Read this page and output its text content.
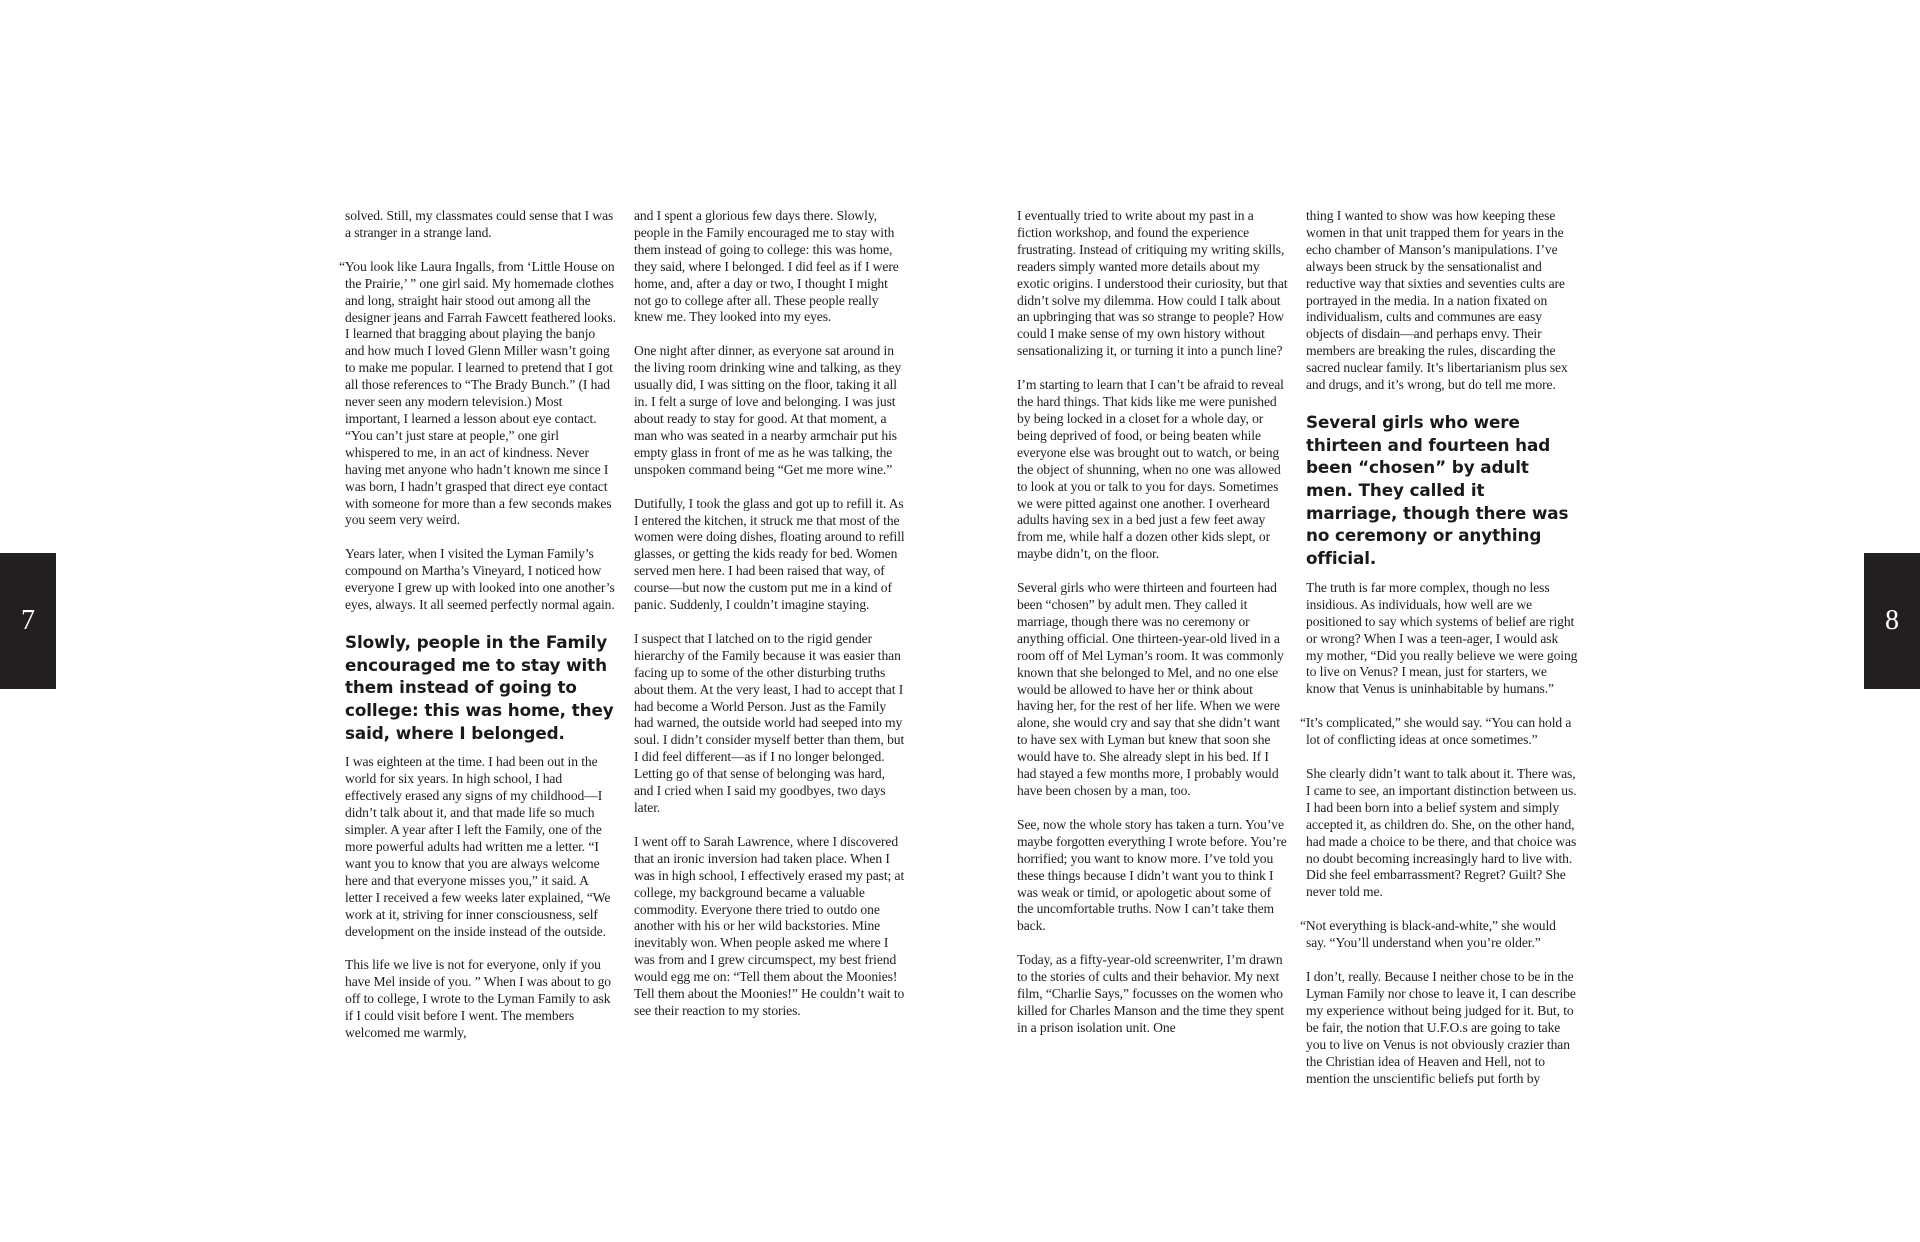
7

solved. Still, my classmates could sense that I was a stranger in a strange land.

“You look like Laura Ingalls, from ‘Little House on the Prairie,’ ” one girl said. My homemade clothes and long, straight hair stood out among all the designer jeans and Farrah Fawcett feathered looks. I learned that bragging about playing the banjo and how much I loved Glenn Miller wasn’t going to make me popular. I learned to pretend that I got all those references to “The Brady Bunch.” (I had never seen any modern television.) Most important, I learned a lesson about eye contact. “You can’t just stare at people,” one girl whispered to me, in an act of kindness. Never having met anyone who hadn’t known me since I was born, I hadn’t grasped that direct eye contact with someone for more than a few seconds makes you seem very weird.

Years later, when I visited the Lyman Family’s compound on Martha’s Vineyard, I noticed how everyone I grew up with looked into one another’s eyes, always. It all seemed perfectly normal again.

Slowly, people in the Family encouraged me to stay with them instead of going to college: this was home, they said, where I belonged.

I was eighteen at the time. I had been out in the world for six years. In high school, I had effectively erased any signs of my childhood—I didn’t talk about it, and that made life so much simpler. A year after I left the Family, one of the more powerful adults had written me a letter. “I want you to know that you are always welcome here and that everyone misses you,” it said. A letter I received a few weeks later explained, “We work at it, striving for inner consciousness, self development on the inside instead of the outside.

This life we live is not for everyone, only if you have Mel inside of you. ” When I was about to go off to college, I wrote to the Lyman Family to ask if I could visit before I went. The members welcomed me warmly,

and I spent a glorious few days there. Slowly, people in the Family encouraged me to stay with them instead of going to college: this was home, they said, where I belonged. I did feel as if I were home, and, after a day or two, I thought I might not go to college after all. These people really knew me. They looked into my eyes.

One night after dinner, as everyone sat around in the living room drinking wine and talking, as they usually did, I was sitting on the floor, taking it all in. I felt a surge of love and belonging. I was just about ready to stay for good. At that moment, a man who was seated in a nearby armchair put his empty glass in front of me as he was talking, the unspoken command being “Get me more wine.”

Dutifully, I took the glass and got up to refill it. As I entered the kitchen, it struck me that most of the women were doing dishes, floating around to refill glasses, or getting the kids ready for bed. Women served men here. I had been raised that way, of course—but now the custom put me in a kind of panic. Suddenly, I couldn’t imagine staying.

I suspect that I latched on to the rigid gender hierarchy of the Family because it was easier than facing up to some of the other disturbing truths about them. At the very least, I had to accept that I had become a World Person. Just as the Family had warned, the outside world had seeped into my soul. I didn’t consider myself better than them, but I did feel different—as if I no longer belonged. Letting go of that sense of belonging was hard, and I cried when I said my goodbyes, two days later.

I went off to Sarah Lawrence, where I discovered that an ironic inversion had taken place. When I was in high school, I effectively erased my past; at college, my background became a valuable commodity. Everyone there tried to outdo one another with his or her wild backstories. Mine inevitably won. When people asked me where I was from and I grew circumspect, my best friend would egg me on: “Tell them about the Moonies! Tell them about the Moonies!” He couldn’t wait to see their reaction to my stories.

I eventually tried to write about my past in a fiction workshop, and found the experience frustrating. Instead of critiquing my writing skills, readers simply wanted more details about my exotic origins. I understood their curiosity, but that didn’t solve my dilemma. How could I talk about an upbringing that was so strange to people? How could I make sense of my own history without sensationalizing it, or turning it into a punch line?

I’m starting to learn that I can’t be afraid to reveal the hard things. That kids like me were punished by being locked in a closet for a whole day, or being deprived of food, or being beaten while everyone else was brought out to watch, or being the object of shunning, when no one was allowed to look at you or talk to you for days. Sometimes we were pitted against one another. I overheard adults having sex in a bed just a few feet away from me, while half a dozen other kids slept, or maybe didn’t, on the floor.

Several girls who were thirteen and fourteen had been “chosen” by adult men. They called it marriage, though there was no ceremony or anything official. One thirteen-year-old lived in a room off of Mel Lyman’s room. It was commonly known that she belonged to Mel, and no one else would be allowed to have her or think about having her, for the rest of her life. When we were alone, she would cry and say that she didn’t want to have sex with Lyman but knew that soon she would have to. She already slept in his bed. If I had stayed a few months more, I probably would have been chosen by a man, too.

See, now the whole story has taken a turn. You’ve maybe forgotten everything I wrote before. You’re horrified; you want to know more. I’ve told you these things because I didn’t want you to think I was weak or timid, or apologetic about some of the uncomfortable truths. Now I can’t take them back.

Today, as a fifty-year-old screenwriter, I’m drawn to the stories of cults and their behavior. My next film, “Charlie Says,” focusses on the women who killed for Charles Manson and the time they spent in a prison isolation unit. One

thing I wanted to show was how keeping these women in that unit trapped them for years in the echo chamber of Manson’s manipulations. I’ve always been struck by the sensationalist and reductive way that sixties and seventies cults are portrayed in the media. In a nation fixated on individualism, cults and communes are easy objects of disdain—and perhaps envy. Their members are breaking the rules, discarding the sacred nuclear family. It’s libertarianism plus sex and drugs, and it’s wrong, but do tell me more.

Several girls who were thirteen and fourteen had been “chosen” by adult men. They called it marriage, though there was no ceremony or anything official.

The truth is far more complex, though no less insidious. As individuals, how well are we positioned to say which systems of belief are right or wrong? When I was a teen-ager, I would ask my mother, “Did you really believe we were going to live on Venus? I mean, just for starters, we know that Venus is uninhabitable by humans.”

“It’s complicated,” she would say. “You can hold a lot of conflicting ideas at once sometimes.”

She clearly didn’t want to talk about it. There was, I came to see, an important distinction between us. I had been born into a belief system and simply accepted it, as children do. She, on the other hand, had made a choice to be there, and that choice was no doubt becoming increasingly hard to live with. Did she feel embarrassment? Regret? Guilt? She never told me.

“Not everything is black-and-white,” she would say. “You’ll understand when you’re older.”

I don’t, really. Because I neither chose to be in the Lyman Family nor chose to leave it, I can describe my experience without being judged for it. But, to be fair, the notion that U.F.O.s are going to take you to live on Venus is not obviously crazier than the Christian idea of Heaven and Hell, not to mention the unscientific beliefs put forth by

8
